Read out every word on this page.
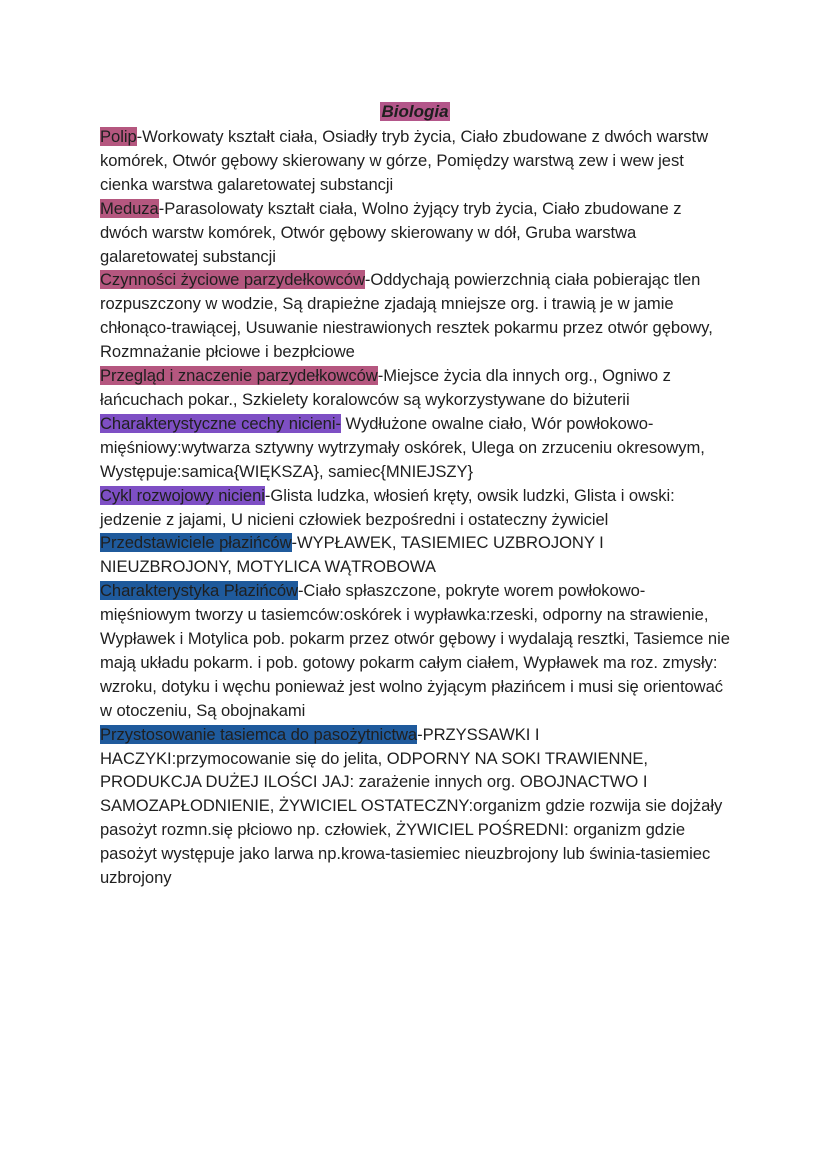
Biologia

Polip-Workowaty kształt ciała, Osiadły tryb życia, Ciało zbudowane z dwóch warstw komórek, Otwór gębowy skierowany w górze, Pomiędzy warstwą zew i wew jest cienka warstwa galaretowatej substancji

Meduza-Parasolowaty kształt ciała, Wolno żyjący tryb życia, Ciało zbudowane z dwóch warstw komórek, Otwór gębowy skierowany w dół, Gruba warstwa galaretowatej substancji

Czynności życiowe parzydełkowców-Oddychają powierzchnią ciała pobierając tlen rozpuszczony w wodzie, Są drapieżne zjadają mniejsze org. i trawią je w jamie chłonąco-trawiącej, Usuwanie niestrawionych resztek pokarmu przez otwór gębowy, Rozmnażanie płciowe i bezpłciowe

Przegląd i znaczenie parzydełkowców-Miejsce życia dla innych org., Ogniwo z łańcuchach pokar., Szkielety koralowców są wykorzystywane do biżuterii

Charakterystyczne cechy nicieni- Wydłużone owalne ciało, Wór powłokowo-mięśniowy:wytwarza sztywny wytrzymały oskórek, Ulega on zrzuceniu okresowym, Występuje:samica{WIĘKSZA}, samiec{MNIEJSZY}

Cykl rozwojowy nicieni-Glista ludzka, włosień kręty, owsik ludzki, Glista i owski: jedzenie z jajami, U nicieni człowiek bezpośredni i ostateczny żywiciel

Przedstawiciele płazińców-WYPŁAWEK, TASIEMIEC UZBROJONY I NIEUZBROJONY, MOTYLICA WĄTROBOWA

Charakterystyka Płazińców-Ciało spłaszczone, pokryte worem powłokowo-mięśniowym tworzy u tasiemców:oskórek i wypławka:rzeski, odporny na strawienie, Wypławek i Motylica pob. pokarm przez otwór gębowy i wydalają resztki, Tasiemce nie mają układu pokarm. i pob. gotowy pokarm całym ciałem, Wypławek ma roz. zmysły: wzroku, dotyku i węchu ponieważ jest wolno żyjącym płazińcem i musi się orientować w otoczeniu, Są obojnakami

Przystosowanie tasiemca do pasożytnictwa-PRZYSSAWKI I HACZYKI:przymocowanie się do jelita, ODPORNY NA SOKI TRAWIENNE, PRODUKCJA DUŻEJ ILOŚCI JAJ: zarażenie innych org. OBOJNACTWO I SAMOZAPŁODNIENIE, ŻYWICIEL OSTATECZNY:organizm gdzie rozwija sie dojżały pasożyt rozmn.się płciowo np. człowiek, ŻYWICIEL POŚREDNI: organizm gdzie pasożyt występuje jako larwa np.krowa-tasiemiec nieuzbrojony lub świnia-tasiemiec uzbrojony
